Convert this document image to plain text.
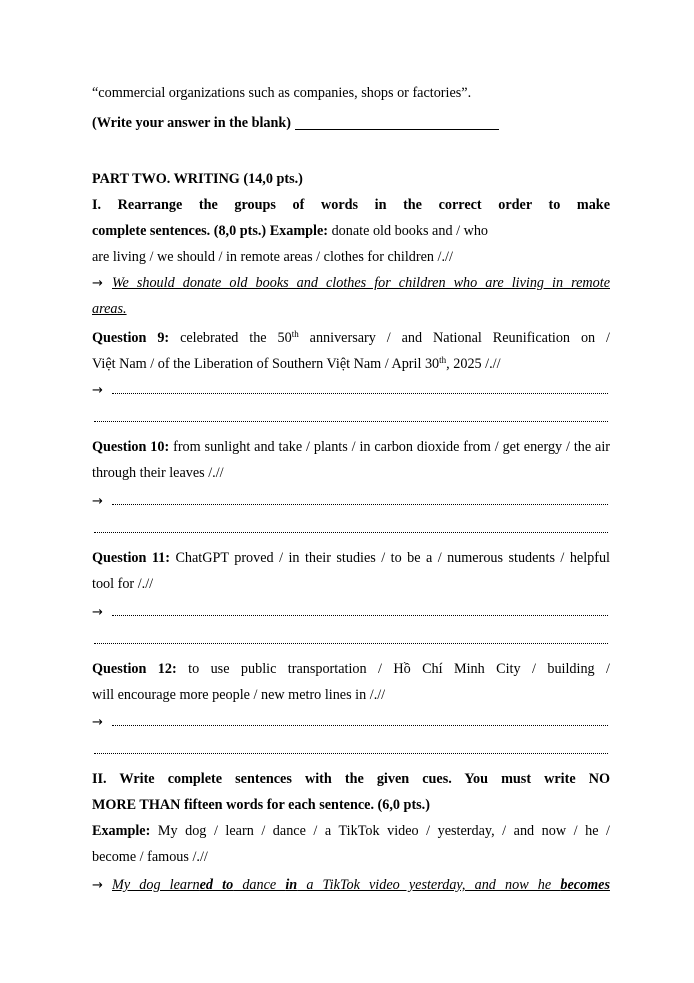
“commercial organizations such as companies, shops or factories”.
(Write your answer in the blank)
PART TWO. WRITING (14,0 pts.)
I. Rearrange the groups of words in the correct order to make
complete sentences. (8,0 pts.) Example: donate old books and / who
are living / we should / in remote areas / clothes for children /.//
→ We should donate old books and clothes for children who are living in remote
areas.
Question 9: celebrated the 50th anniversary / and National Reunification on /
Việt Nam / of the Liberation of Southern Việt Nam / April 30th, 2025 /.//
→
Question 10: from sunlight and take / plants / in carbon dioxide from / get energy / the air
through their leaves /.//
→
Question 11: ChatGPT proved / in their studies / to be a / numerous students / helpful
tool for /.//
→
Question 12: to use public transportation / Hồ Chí Minh City / building /
will encourage more people / new metro lines in /.//
→
II. Write complete sentences with the given cues. You must write NO
MORE THAN fifteen words for each sentence. (6,0 pts.)
Example: My dog / learn / dance / a TikTok video / yesterday, / and now / he /
become / famous /.//
→ My dog learned to dance in a TikTok video yesterday, and now he becomes
